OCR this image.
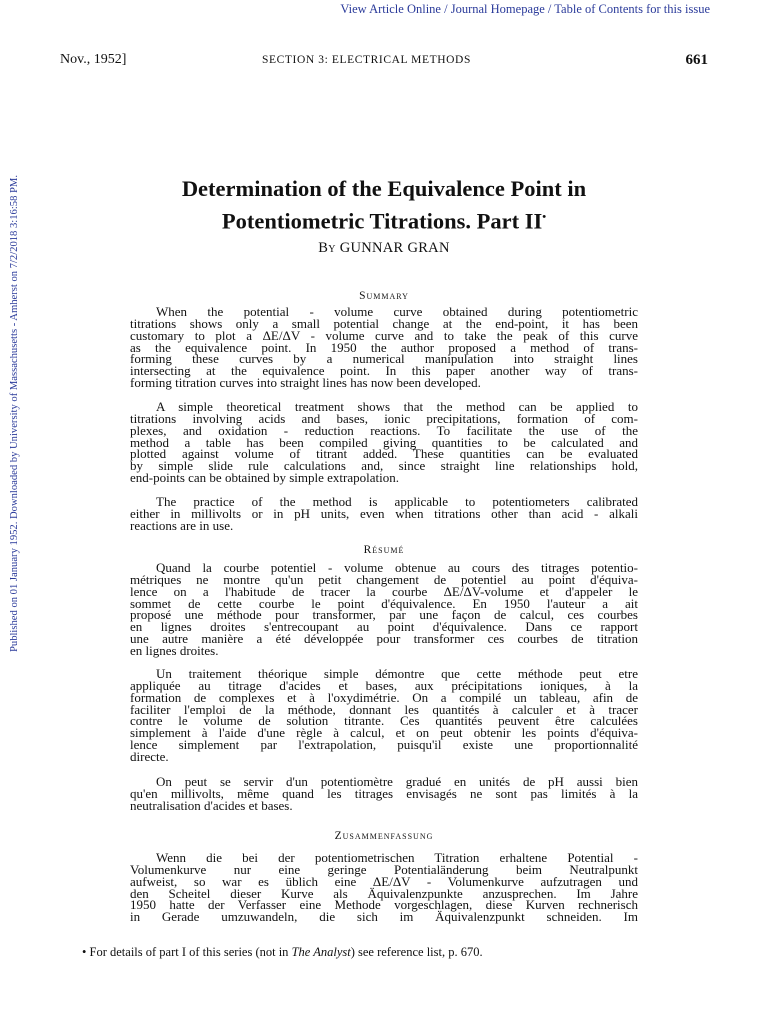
View Article Online / Journal Homepage / Table of Contents for this issue
Published on 01 January 1952. Downloaded by University of Massachusetts - Amherst on 7/2/2018 3:16:58 PM.
Nov., 1952]	SECTION 3: ELECTRICAL METHODS	661
Determination of the Equivalence Point in
Potentiometric Titrations. Part II•
By GUNNAR GRAN
Summary
When the potential - volume curve obtained during potentiometric
titrations shows only a small potential change at the end-point, it has been
customary to plot a ΔE/ΔV - volume curve and to take the peak of this curve
as the equivalence point. In 1950 the author proposed a method of trans-
forming these curves by a numerical manipulation into straight lines
intersecting at the equivalence point. In this paper another way of trans-
forming titration curves into straight lines has now been developed.
A simple theoretical treatment shows that the method can be applied to
titrations involving acids and bases, ionic precipitations, formation of com-
plexes, and oxidation - reduction reactions. To facilitate the use of the
method a table has been compiled giving quantities to be calculated and
plotted against volume of titrant added. These quantities can be evaluated
by simple slide rule calculations and, since straight line relationships hold,
end-points can be obtained by simple extrapolation.
The practice of the method is applicable to potentiometers calibrated
either in millivolts or in pH units, even when titrations other than acid - alkali
reactions are in use.
Résumé
Quand la courbe potentiel - volume obtenue au cours des titrages potentio-
métriques ne montre qu'un petit changement de potentiel au point d'équiva-
lence on a l'habitude de tracer la courbe ΔE/ΔV-volume et d'appeler le
sommet de cette courbe le point d'équivalence. En 1950 l'auteur a ait
proposé une méthode pour transformer, par une façon de calcul, ces courbes
en lignes droites s'entrecoupant au point d'équivalence. Dans ce rapport
une autre manière a été développée pour transformer ces courbes de titration
en lignes droites.
Un traitement théorique simple démontre que cette méthode peut etre
appliquée au titrage d'acides et bases, aux précipitations ioniques, à la
formation de complexes et à l'oxydimétrie. On a compilé un tableau, afin de
faciliter l'emploi de la méthode, donnant les quantités à calculer et à tracer
contre le volume de solution titrante. Ces quantités peuvent être calculées
simplement à l'aide d'une règle à calcul, et on peut obtenir les points d'équiva-
lence simplement par l'extrapolation, puisqu'il existe une proportionnalité
directe.
On peut se servir d'un potentiomètre gradué en unités de pH aussi bien
qu'en millivolts, même quand les titrages envisagés ne sont pas limités à la
neutralisation d'acides et bases.
Zusammenfassung
Wenn die bei der potentiometrischen Titration erhaltene Potential -
Volumenkurve nur eine geringe Potentialänderung beim Neutralpunkt
aufweist, so war es üblich eine ΔE/ΔV - Volumenkurve aufzutragen und
den Scheitel dieser Kurve als Äquivalenzpunkte anzusprechen. Im Jahre
1950 hatte der Verfasser eine Methode vorgeschlagen, diese Kurven rechnerisch
in Gerade umzuwandeln, die sich im Äquivalenzpunkt schneiden. Im
• For details of part I of this series (not in The Analyst) see reference list, p. 670.
